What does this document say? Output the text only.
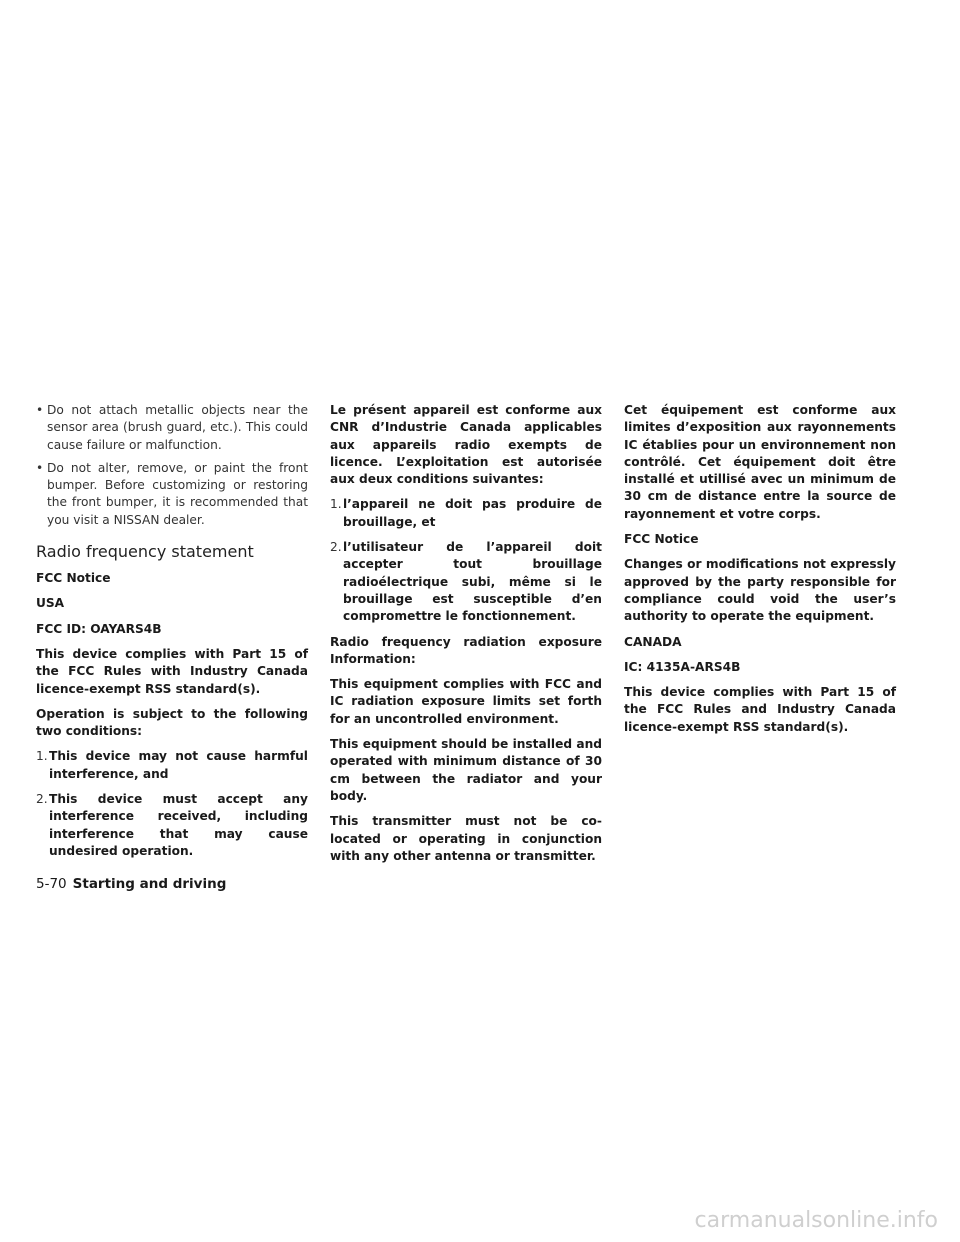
• Do not attach metallic objects near the sensor area (brush guard, etc.). This could cause failure or malfunction.
• Do not alter, remove, or paint the front bumper. Before customizing or restoring the front bumper, it is recommended that you visit a NISSAN dealer.
Radio frequency statement

FCC Notice

USA

FCC ID: OAYARS4B

This device complies with Part 15 of the FCC Rules with Industry Canada licence-exempt RSS standard(s).

Operation is subject to the following two conditions:

1. This device may not cause harmful interference, and
2. This device must accept any interference received, including interference that may cause undesired operation.

Le présent appareil est conforme aux CNR d’Industrie Canada applicables aux appareils radio exempts de licence. L’exploitation est autorisée aux deux conditions suivantes:

1. l’appareil ne doit pas produire de brouillage, et
2. l’utilisateur de l’appareil doit accepter tout brouillage radioélectrique subi, même si le brouillage est susceptible d’en compromettre le fonctionnement.

Radio frequency radiation exposure Information:

This equipment complies with FCC and IC radiation exposure limits set forth for an uncontrolled environment.

This equipment should be installed and operated with minimum distance of 30 cm between the radiator and your body.

This transmitter must not be co-located or operating in conjunction with any other antenna or transmitter.

Cet équipement est conforme aux limites d’exposition aux rayonnements IC établies pour un environnement non contrôlé. Cet équipement doit être installé et utillisé avec un minimum de 30 cm de distance entre la source de rayonnement et votre corps.

FCC Notice

Changes or modifications not expressly approved by the party responsible for compliance could void the user’s authority to operate the equipment.

CANADA

IC: 4135A-ARS4B

This device complies with Part 15 of the FCC Rules and Industry Canada licence-exempt RSS standard(s).

5-70 Starting and driving
carmanualsonline.info
